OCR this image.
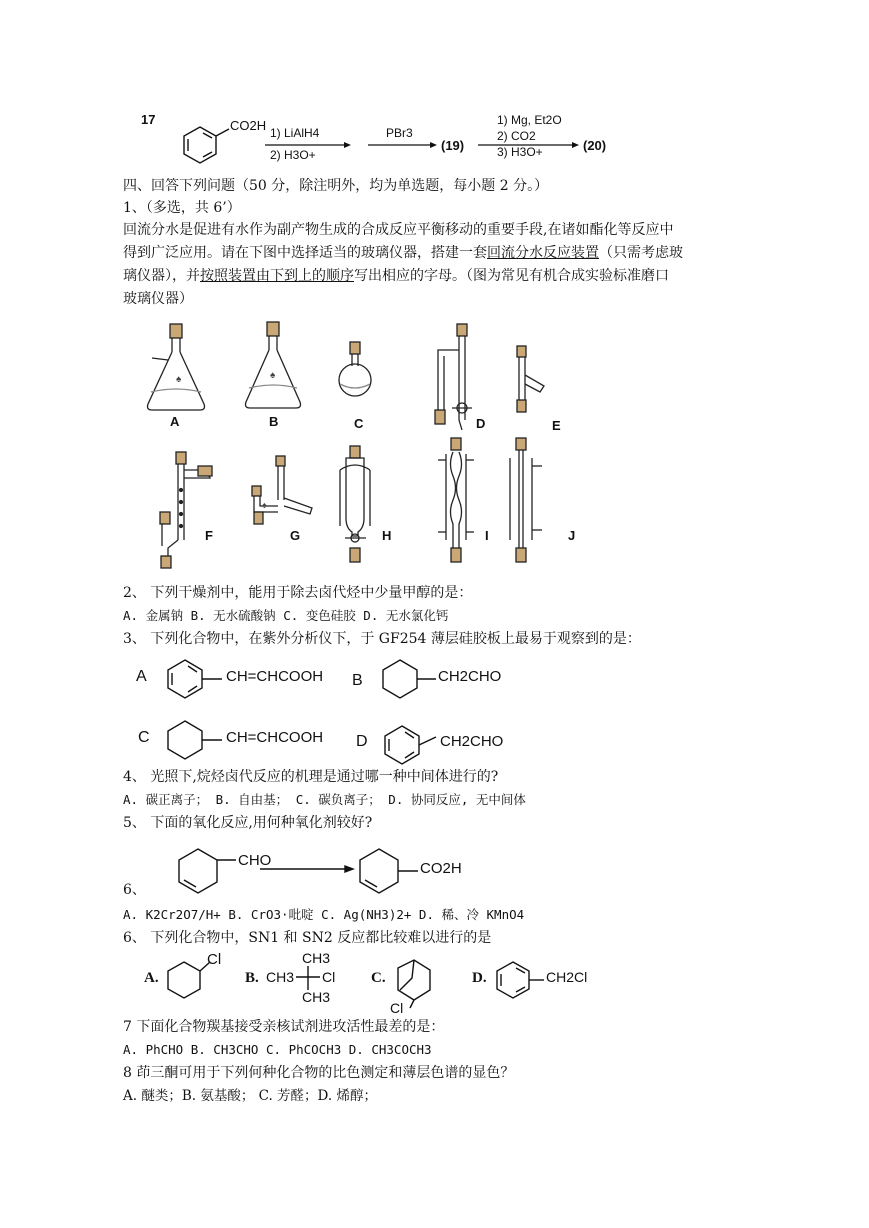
17	CO2H 1) LiAlH4
2) H3O+
PBr3
(19)
1) Mg, Et2O
2) CO2
3) H3O+	(20)
四、回答下列问题（50 分，除注明外，均为单选题，每小题 2 分。）
1、（多选，共 6’）
回流分水是促进有水作为副产物生成的合成反应平衡移动的重要手段,在诸如酯化等反应中
得到广泛应用。请在下图中选择适当的玻璃仪器，搭建一套回流分水反应装置（只需考虑玻
璃仪器），并按照装置由下到上的顺序写出相应的字母。（图为常见有机合成实验标准磨口
玻璃仪器）
♠	♠
♠
A	B	C	D	E
F	G	H	I	J
2、 下列干燥剂中，能用于除去卤代烃中少量甲醇的是：
A. 金属钠 B. 无水硫酸钠 C. 变色硅胶 D. 无水氯化钙
3、 下列化合物中，在紫外分析仪下，于 GF254 薄层硅胶板上最易于观察到的是：
A	CH=CHCOOH B	CH2CHO
C	CH=CHCOOH D	CH2CHO
4、 光照下,烷烃卤代反应的机理是通过哪一种中间体进行的?
A. 碳正离子； B. 自由基； C. 碳负离子； D. 协同反应, 无中间体
5、 下面的氧化反应,用何种氧化剂较好?
CHO	CO2H
6、
A. K2Cr2O7/H+ B. CrO3·吡啶 C. Ag(NH3)2+ D. 稀、冷 KMnO4
6、 下列化合物中，SN1 和 SN2 反应都比较难以进行的是
A.
Cl
B.
CH3
CH3 Cl
CH3
C.
Cl
D.	CH2Cl
7 下面化合物羰基接受亲核试剂进攻活性最差的是：
A. PhCHO B. CH3CHO C. PhCOCH3 D. CH3COCH3
8 茚三酮可用于下列何种化合物的比色测定和薄层色谱的显色？
A. 醚类；B. 氨基酸； C. 芳醛；D. 烯醇；
